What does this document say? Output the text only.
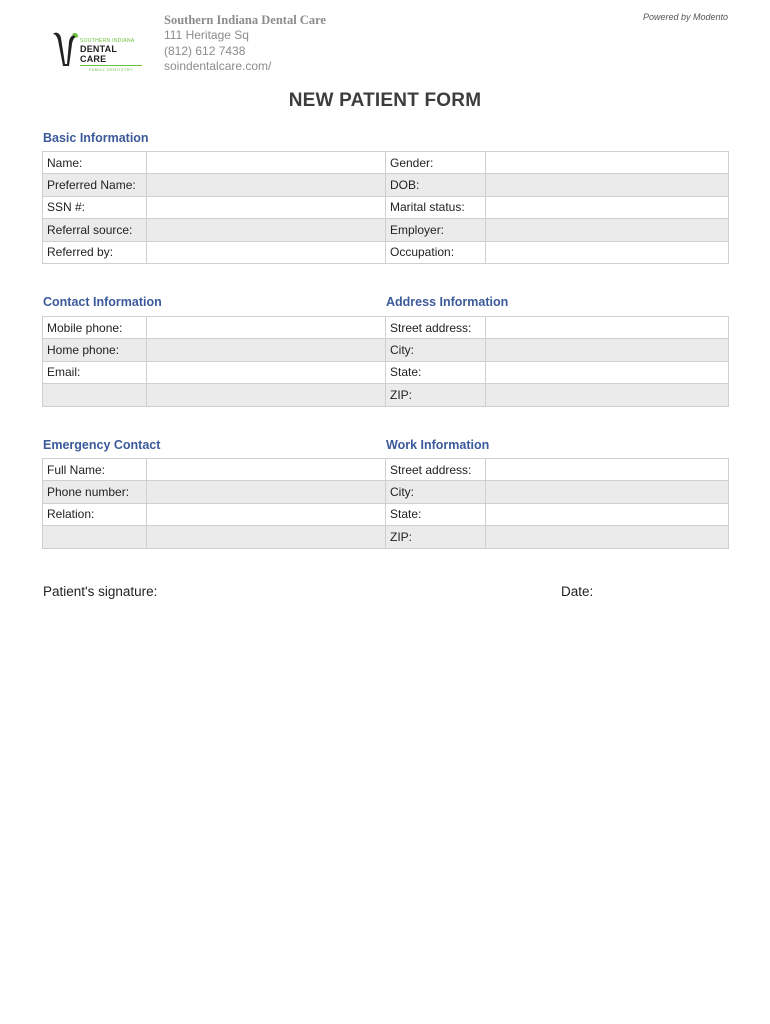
Powered by Modento
SOUTHERN INDIANA
DENTAL CARE
FAMILY DENTISTRY
Southern Indiana Dental Care
111 Heritage Sq
(812) 612 7438
soindentalcare.com/
NEW PATIENT FORM
Basic Information
Name:		Gender:	
Preferred Name:		DOB:	
SSN #:		Marital status:	
Referral source:		Employer:	
Referred by:		Occupation:	
Contact Information	Address Information
Mobile phone:		Street address:	
Home phone:		City:	
Email:		State:	
		ZIP:	
Emergency Contact	Work Information
Full Name:		Street address:	
Phone number:		City:	
Relation:		State:	
		ZIP:	
Patient's signature:	Date:
